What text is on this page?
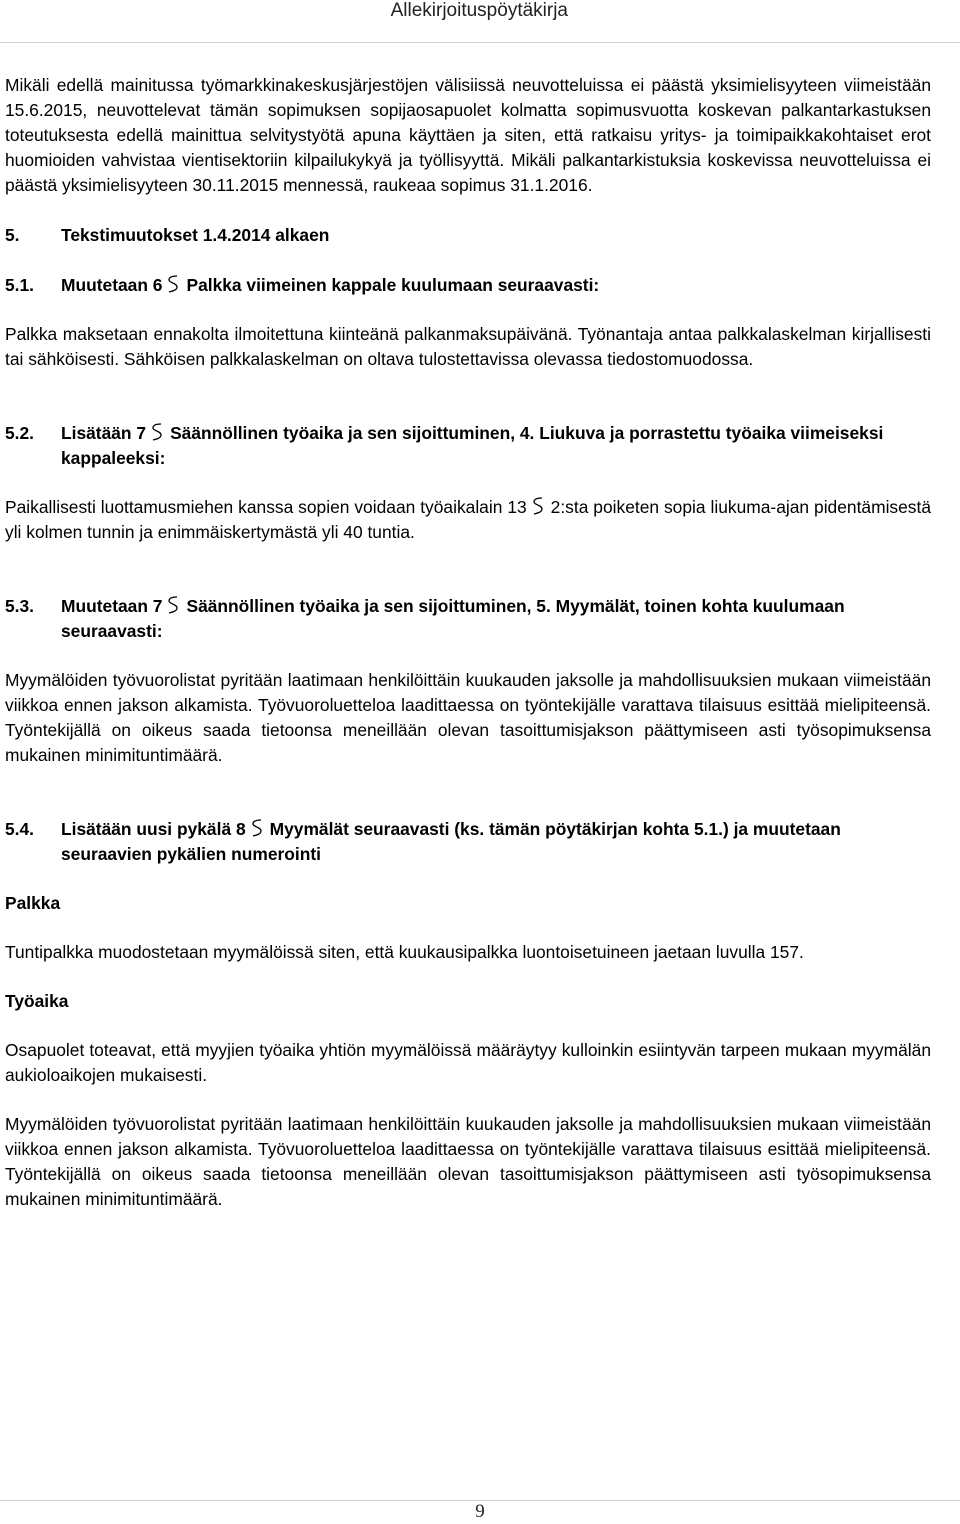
Allekirjoituspöytäkirja

Mikäli edellä mainitussa työmarkkinakeskusjärjestöjen välisiissä neuvotteluissa ei päästä yksimielisyyteen viimeistään 15.6.2015, neuvottelevat tämän sopimuksen sopijaosapuolet kolmatta sopimusvuotta koskevan palkantarkastuksen toteutuksesta edellä mainittua selvitystyötä apuna käyttäen ja siten, että ratkaisu yritys- ja toimipaikkakohtaiset erot huomioiden vahvistaa vientisektoriin kilpailukykyä ja työllisyyttä. Mikäli palkantarkistuksia koskevissa neuvotteluissa ei päästä yksimielisyyteen 30.11.2015 mennessä, raukeaa sopimus 31.1.2016.

5.	Tekstimuutokset 1.4.2014 alkaen
5.1.	Muutetaan 6 Palkka viimeinen kappale kuulumaan seuraavasti:

Palkka maksetaan ennakolta ilmoitettuna kiinteänä palkanmaksupäivänä. Työnantaja antaa palkkalaskelman kirjallisesti tai sähköisesti. Sähköisen palkkalaskelman on oltava tulostettavissa olevassa tiedostomuodossa.

5.2.	Lisätään 7 Säännöllinen työaika ja sen sijoittuminen, 4. Liukuva ja porrastettu työaika viimeiseksi kappaleeksi:

Paikallisesti luottamusmiehen kanssa sopien voidaan työaikalain 13 2:sta poiketen sopia liukuma-ajan pidentämisestä yli kolmen tunnin ja enimmäiskertymästä yli 40 tuntia.

5.3.	Muutetaan 7 Säännöllinen työaika ja sen sijoittuminen, 5. Myymälät, toinen kohta kuulumaan seuraavasti:

Myymälöiden työvuorolistat pyritään laatimaan henkilöittäin kuukauden jaksolle ja mahdollisuuksien mukaan viimeistään viikkoa ennen jakson alkamista. Työvuoroluetteloa laadittaessa on työntekijälle varattava tilaisuus esittää mielipiteensä. Työntekijällä on oikeus saada tietoonsa meneillään olevan tasoittumisjakson päättymiseen asti työsopimuksensa mukainen minimituntimäärä.

5.4.	Lisätään uusi pykälä 8 Myymälät seuraavasti (ks. tämän pöytäkirjan kohta 5.1.) ja muutetaan seuraavien pykälien numerointi

Palkka

Tuntipalkka muodostetaan myymälöissä siten, että kuukausipalkka luontoisetuineen jaetaan luvulla 157.

Työaika

Osapuolet toteavat, että myyjien työaika yhtiön myymälöissä määräytyy kulloinkin esiintyvän tarpeen mukaan myymälän aukioloaikojen mukaisesti.

Myymälöiden työvuorolistat pyritään laatimaan henkilöittäin kuukauden jaksolle ja mahdollisuuksien mukaan viimeistään viikkoa ennen jakson alkamista. Työvuoroluetteloa laadittaessa on työntekijälle varattava tilaisuus esittää mielipiteensä. Työntekijällä on oikeus saada tietoonsa meneillään olevan tasoittumisjakson päättymiseen asti työsopimuksensa mukainen minimituntimäärä.

9
